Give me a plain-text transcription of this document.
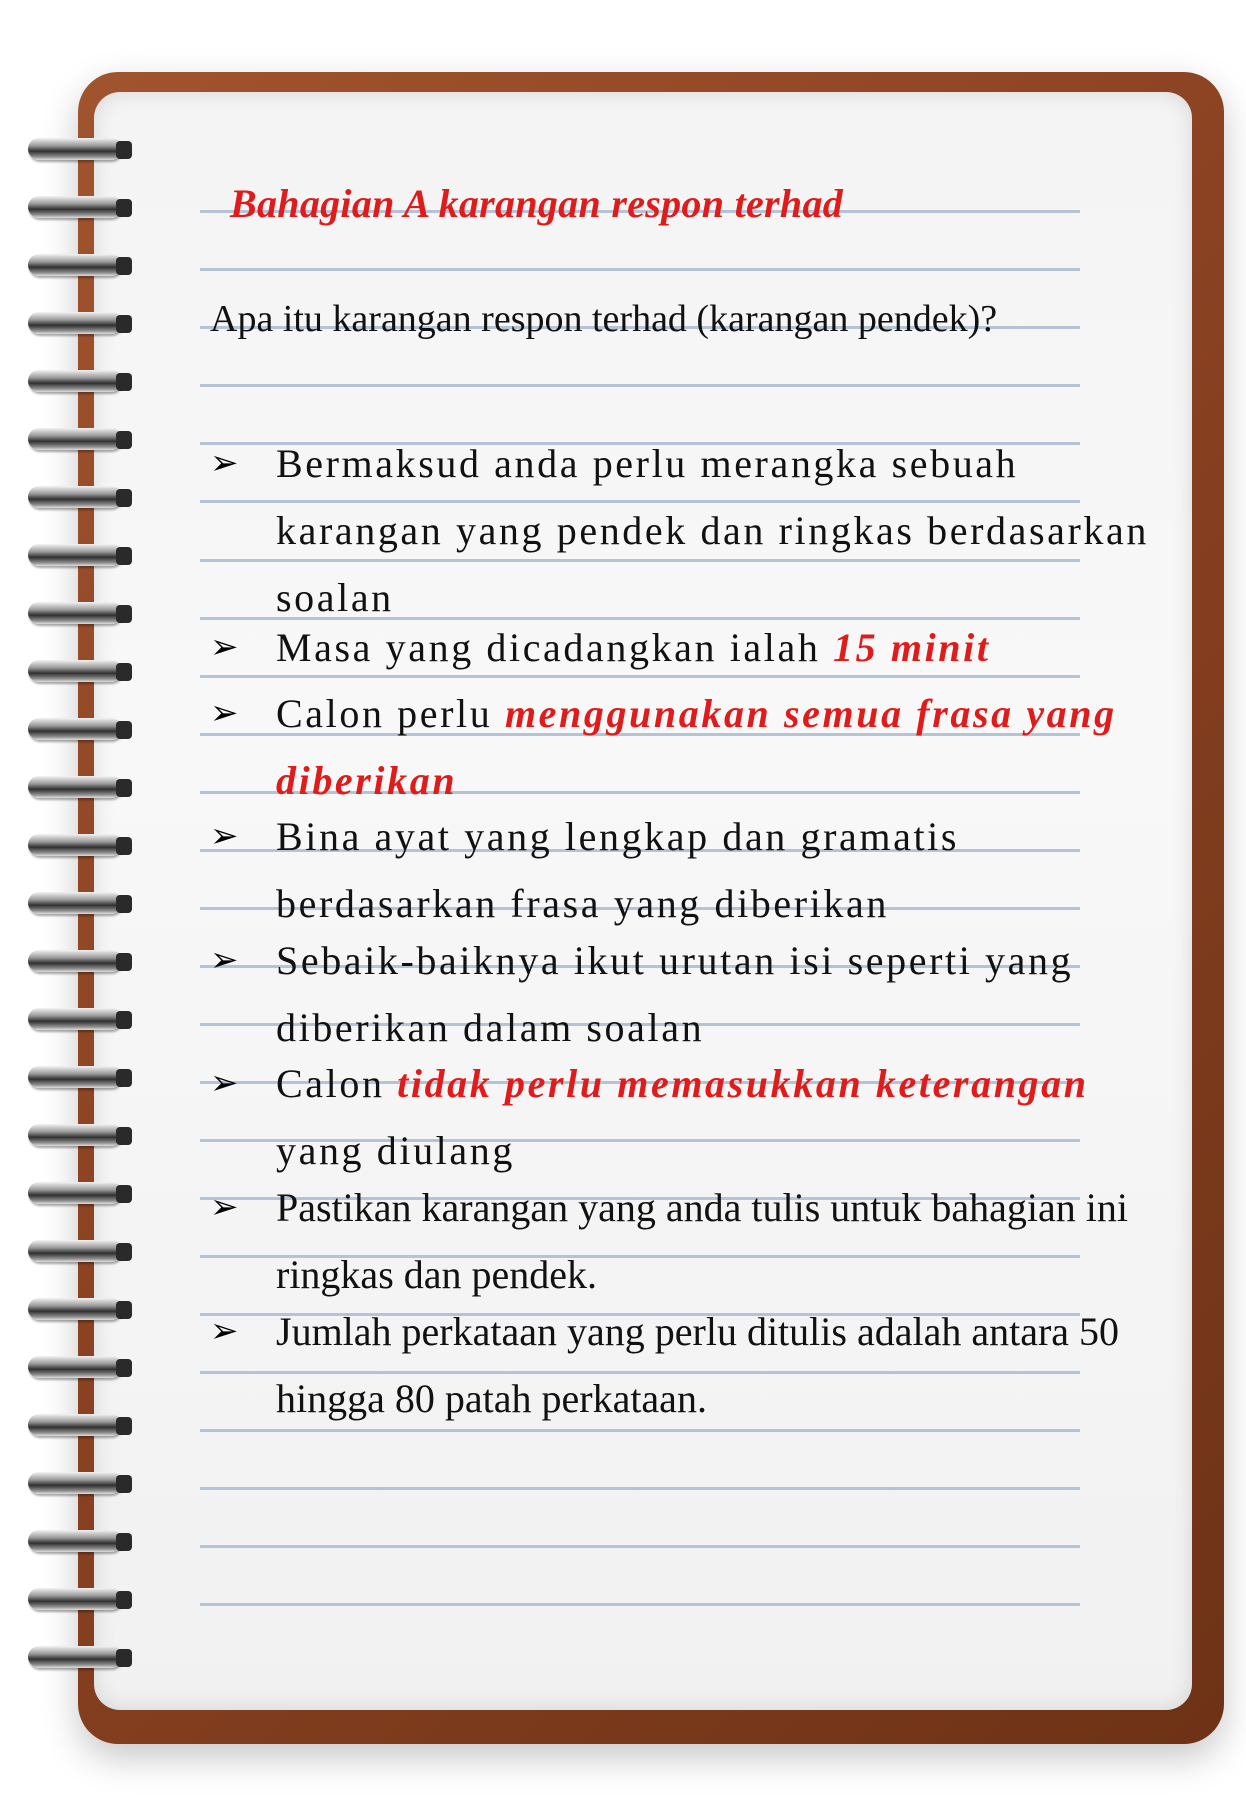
Bahagian A karangan respon terhad
Apa itu karangan respon terhad (karangan pendek)?
➢ Bermaksud anda perlu merangka sebuah karangan yang pendek dan ringkas berdasarkan soalan
➢ Masa yang dicadangkan ialah 15 minit
➢ Calon perlu menggunakan semua frasa yang diberikan
➢ Bina ayat yang lengkap dan gramatis berdasarkan frasa yang diberikan
➢ Sebaik-baiknya ikut urutan isi seperti yang diberikan dalam soalan
➢ Calon tidak perlu memasukkan keterangan yang diulang
➢ Pastikan karangan yang anda tulis untuk bahagian ini ringkas dan pendek.
➢ Jumlah perkataan yang perlu ditulis adalah antara 50 hingga 80 patah perkataan.
